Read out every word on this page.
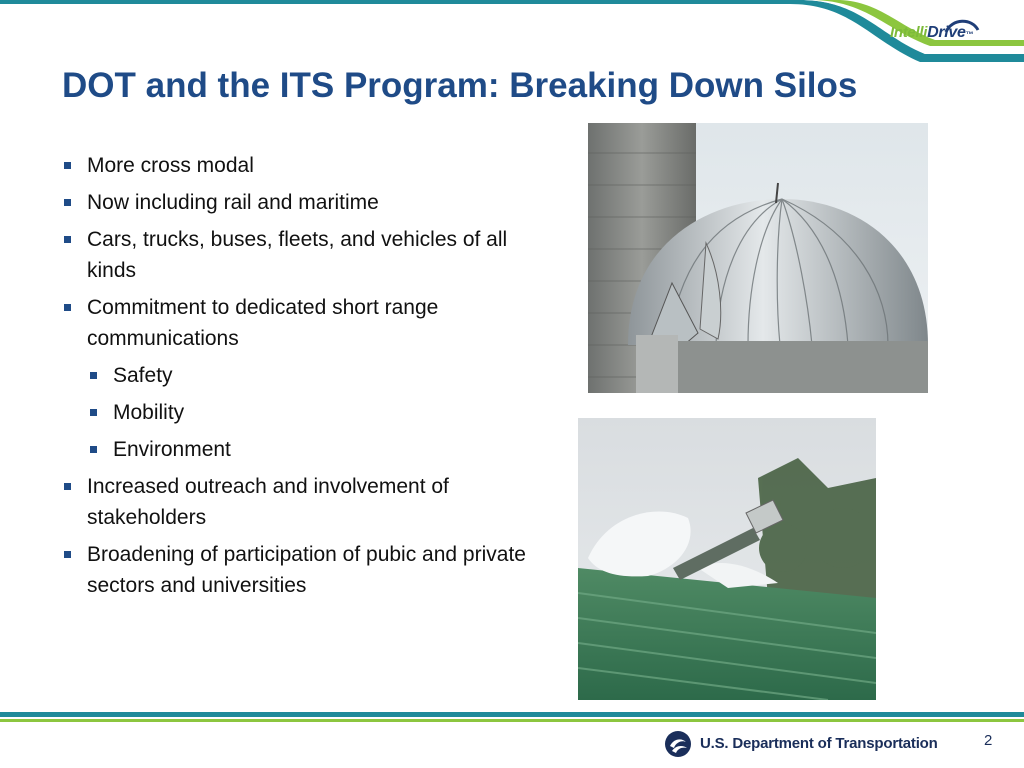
IntelliDrive™
DOT and the ITS Program: Breaking Down Silos
More cross modal
Now including rail and maritime
Cars, trucks, buses, fleets, and vehicles of all kinds
Commitment to dedicated short range communications
Safety
Mobility
Environment
Increased outreach and involvement of stakeholders
Broadening of participation of pubic and private sectors and universities
U.S. Department of Transportation	2
